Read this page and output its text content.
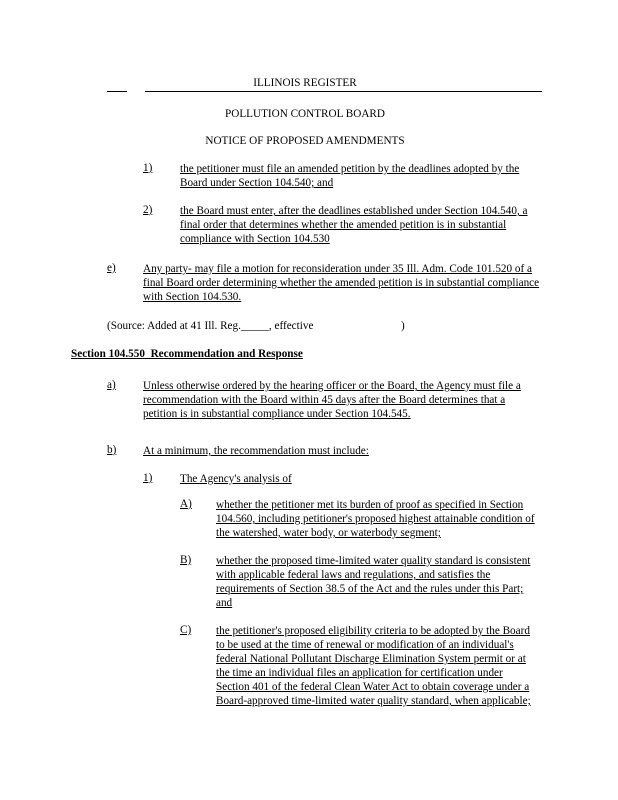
ILLINOIS REGISTER
POLLUTION CONTROL BOARD
NOTICE OF PROPOSED AMENDMENTS
1) the petitioner must file an amended petition by the deadlines adopted by the Board under Section 104.540; and
2) the Board must enter, after the deadlines established under Section 104.540, a final order that determines whether the amended petition is in substantial compliance with Section 104.530
e) Any party- may file a motion for reconsideration under 35 Ill. Adm. Code 101.520 of a final Board order determining whether the amended petition is in substantial compliance with Section 104.530.
(Source: Added at 41 Ill. Reg._____, effective	)
Section 104.550 Recommendation and Response
a) Unless otherwise ordered by the hearing officer or the Board, the Agency must file a recommendation with the Board within 45 days after the Board determines that a petition is in substantial compliance under Section 104.545.
b) At a minimum, the recommendation must include:
1) The Agency's analysis of
A) whether the petitioner met its burden of proof as specified in Section 104.560, including petitioner's proposed highest attainable condition of the watershed, water body, or waterbody segment;
B) whether the proposed time-limited water quality standard is consistent with applicable federal laws and regulations, and satisfies the requirements of Section 38.5 of the Act and the rules under this Part; and
C) the petitioner's proposed eligibility criteria to be adopted by the Board to be used at the time of renewal or modification of an individual's federal National Pollutant Discharge Elimination System permit or at the time an individual files an application for certification under Section 401 of the federal Clean Water Act to obtain coverage under a Board-approved time-limited water quality standard, when applicable;
